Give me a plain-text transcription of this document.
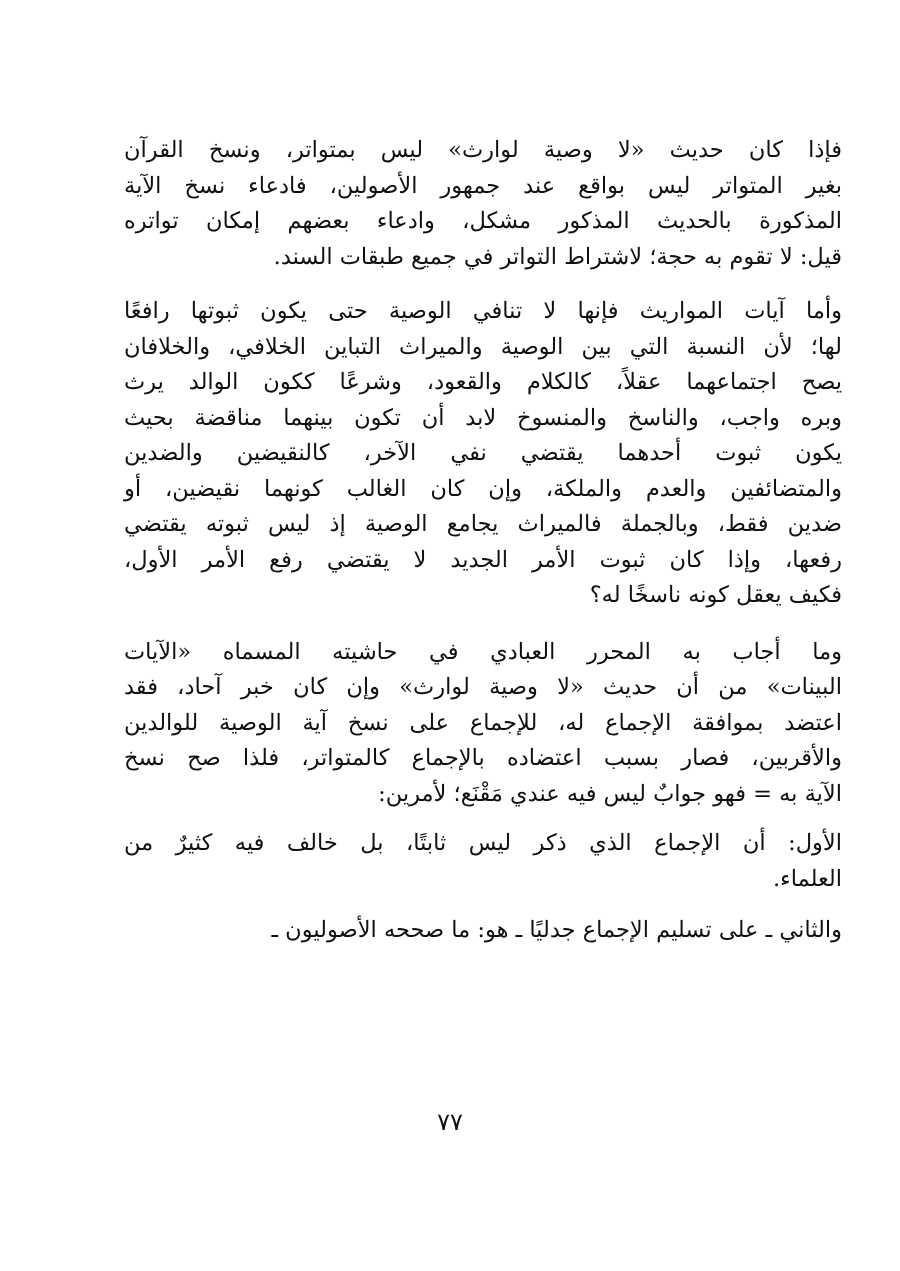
فإذا كان حديث «لا وصية لوارث» ليس بمتواتر، ونسخ القرآن
بغير المتواتر ليس بواقع عند جمهور الأصولين، فادعاء نسخ الآية
المذكورة بالحديث المذكور مشكل، وادعاء بعضهم إمكان تواتره
قيل: لا تقوم به حجة؛ لاشتراط التواتر في جميع طبقات السند.

وأما آيات المواريث فإنها لا تنافي الوصية حتى يكون ثبوتها رافعًا
لها؛ لأن النسبة التي بين الوصية والميراث التباين الخلافي، والخلافان
يصح اجتماعهما عقلاً، كالكلام والقعود، وشرعًا ككون الوالد يرث
وبره واجب، والناسخ والمنسوخ لابد أن تكون بينهما مناقضة بحيث
يكون ثبوت أحدهما يقتضي نفي الآخر، كالنقيضين والضدين
والمتضائفين والعدم والملكة، وإن كان الغالب كونهما نقيضين، أو
ضدين فقط، وبالجملة فالميراث يجامع الوصية إذ ليس ثبوته يقتضي
رفعها، وإذا كان ثبوت الأمر الجديد لا يقتضي رفع الأمر الأول،
فكيف يعقل كونه ناسخًا له؟

وما أجاب به المحرر العبادي في حاشيته المسماه «الآيات
البينات» من أن حديث «لا وصية لوارث» وإن كان خبر آحاد، فقد
اعتضد بموافقة الإجماع له، للإجماع على نسخ آية الوصية للوالدين
والأقربين، فصار بسبب اعتضاده بالإجماع كالمتواتر، فلذا صح نسخ
الآية به = فهو جوابٌ ليس فيه عندي مَقْنَع؛ لأمرين:

الأول: أن الإجماع الذي ذكر ليس ثابتًا، بل خالف فيه كثيرٌ من
العلماء.

والثاني ـ على تسليم الإجماع جدليًا ـ هو: ما صححه الأصوليون ـ

٧٧
